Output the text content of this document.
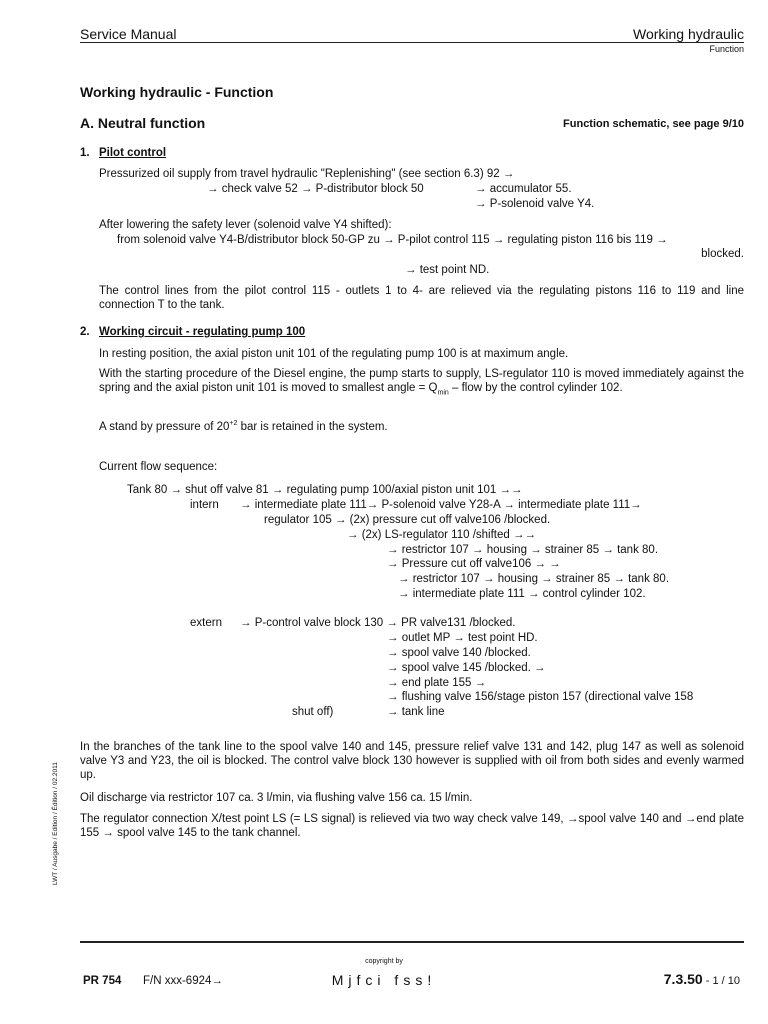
Service Manual	Working hydraulic
Function
Working hydraulic - Function
A. Neutral function	Function schematic, see page 9/10
1. Pilot control
Pressurized oil supply from travel hydraulic "Replenishing" (see section 6.3) 92 →
→ check valve 52 → P-distributor block 50	→ accumulator 55.
→ P-solenoid valve Y4.
After lowering the safety lever (solenoid valve Y4 shifted):
from solenoid valve Y4-B/distributor block 50-GP zu → P-pilot control 115 → regulating piston 116 bis 119 →
blocked.
→ test point ND.
The control lines from the pilot control 115 - outlets 1 to 4- are relieved via the regulating pistons 116 to 119 and line connection T to the tank.
2. Working circuit - regulating pump 100
In resting position, the axial piston unit 101 of the regulating pump 100 is at maximum angle.
With the starting procedure of the Diesel engine, the pump starts to supply, LS-regulator 110 is moved immediately against the spring and the axial piston unit 101 is moved to smallest angle = $Q_{min}$ – flow by the control cylinder 102.
A stand by pressure of $20^{+2}$ bar is retained in the system.
Current flow sequence:
Tank 80 → shut off valve 81 → regulating pump 100/axial piston unit 101 →→
intern → intermediate plate 111→ P-solenoid valve Y28-A → intermediate plate 111→
regulator 105 → (2x) pressure cut off valve106 /blocked.
→ (2x) LS-regulator 110 /shifted →→
→ restrictor 107 → housing → strainer 85 → tank 80.
→ Pressure cut off valve106 → →
→ restrictor 107 → housing → strainer 85 → tank 80.
→ intermediate plate 111 → control cylinder 102.
extern → P-control valve block 130 → PR valve131 /blocked.
→ outlet MP → test point HD.
→ spool valve 140 /blocked.
→ spool valve 145 /blocked. →
→ end plate 155 →
→ flushing valve 156/stage piston 157 (directional valve 158
shut off)	→ tank line
In the branches of the tank line to the spool valve 140 and 145, pressure relief valve 131 and 142, plug 147 as well as solenoid valve Y3 and Y23, the oil is blocked. The control valve block 130 however is supplied with oil from both sides and evenly warmed up.
Oil discharge via restrictor 107 ca. 3 l/min, via flushing valve 156 ca. 15 l/min.
The regulator connection X/test point LS (= LS signal) is relieved via two way check valve 149, →spool valve 140 and →end plate 155 → spool valve 145 to the tank channel.
LWT / Ausgabe / Edition / Édition / 02.2011
copyright by
PR 754 F/N xxx-6924→	Mjfci fss!	7.3.50 - 1 / 10
